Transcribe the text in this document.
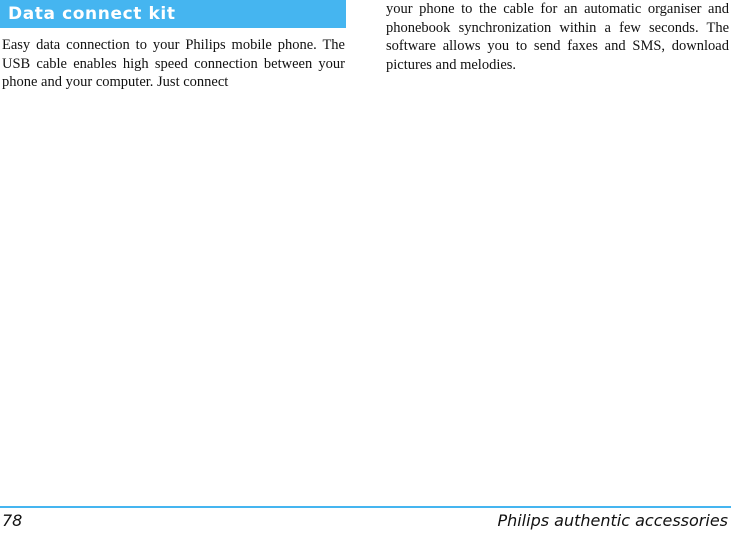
Data connect kit

Easy data connection to your Philips mobile phone. The USB cable enables high speed connection between your phone and your computer. Just connect

your phone to the cable for an automatic organiser and phonebook synchronization within a few seconds. The software allows you to send faxes and SMS, download pictures and melodies.

78	Philips authentic accessories
